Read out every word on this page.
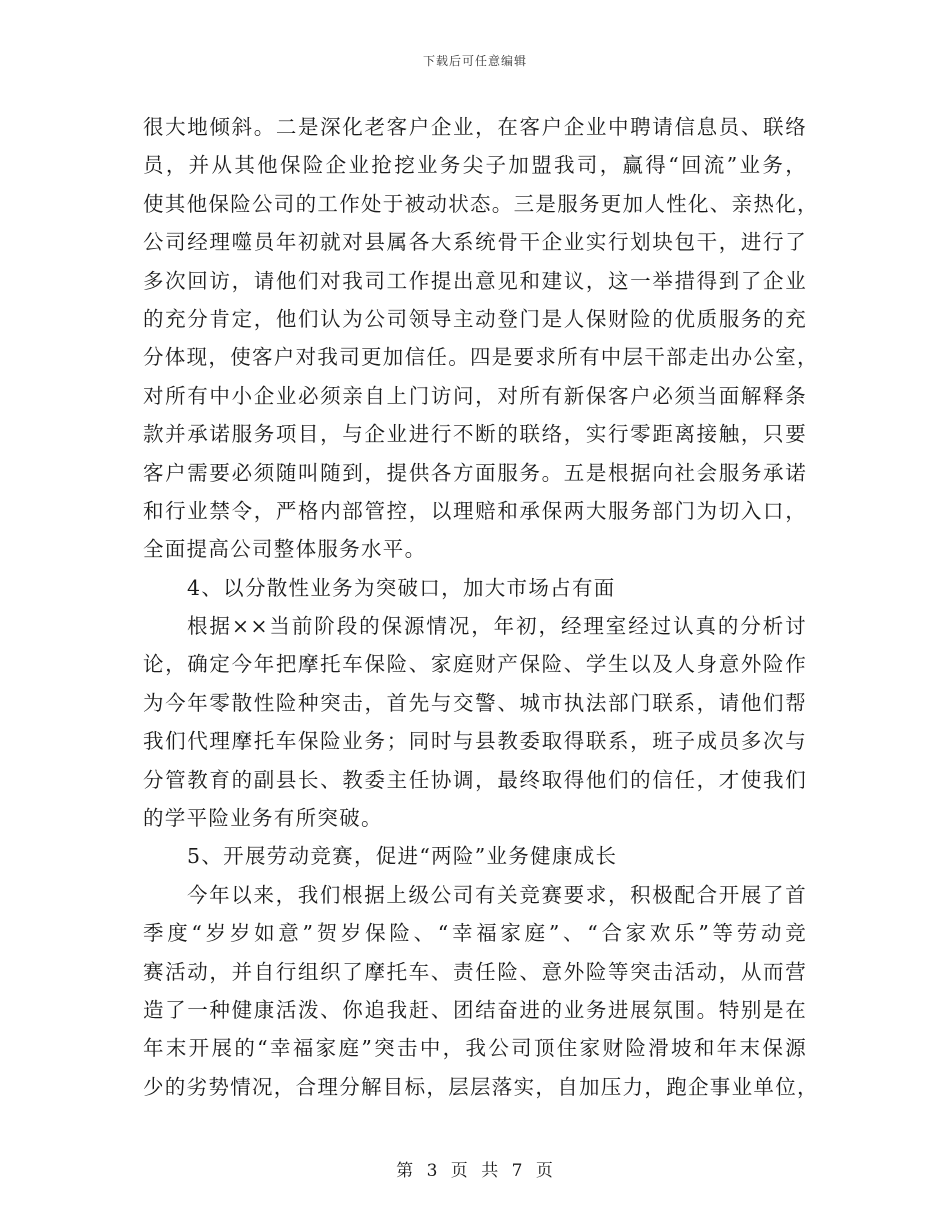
下载后可任意编辑
很大地倾斜。二是深化老客户企业，在客户企业中聘请信息员、联络
员，并从其他保险企业抢挖业务尖子加盟我司，赢得“回流”业务，
使其他保险公司的工作处于被动状态。三是服务更加人性化、亲热化，
公司经理噬员年初就对县属各大系统骨干企业实行划块包干，进行了
多次回访，请他们对我司工作提出意见和建议，这一举措得到了企业
的充分肯定，他们认为公司领导主动登门是人保财险的优质服务的充
分体现，使客户对我司更加信任。四是要求所有中层干部走出办公室，
对所有中小企业必须亲自上门访问，对所有新保客户必须当面解释条
款并承诺服务项目，与企业进行不断的联络，实行零距离接触，只要
客户需要必须随叫随到，提供各方面服务。五是根据向社会服务承诺
和行业禁令，严格内部管控，以理赔和承保两大服务部门为切入口，
全面提高公司整体服务水平。
4、以分散性业务为突破口，加大市场占有面
根据××当前阶段的保源情况，年初，经理室经过认真的分析讨
论，确定今年把摩托车保险、家庭财产保险、学生以及人身意外险作
为今年零散性险种突击，首先与交警、城市执法部门联系，请他们帮
我们代理摩托车保险业务；同时与县教委取得联系，班子成员多次与
分管教育的副县长、教委主任协调，最终取得他们的信任，才使我们
的学平险业务有所突破。
5、开展劳动竞赛，促进“两险”业务健康成长
今年以来，我们根据上级公司有关竞赛要求，积极配合开展了首
季度“岁岁如意”贺岁保险、“幸福家庭”、“合家欢乐”等劳动竞
赛活动，并自行组织了摩托车、责任险、意外险等突击活动，从而营
造了一种健康活泼、你追我赶、团结奋进的业务进展氛围。特别是在
年末开展的“幸福家庭”突击中，我公司顶住家财险滑坡和年末保源
少的劣势情况，合理分解目标，层层落实，自加压力，跑企事业单位，
第 3 页 共 7 页
